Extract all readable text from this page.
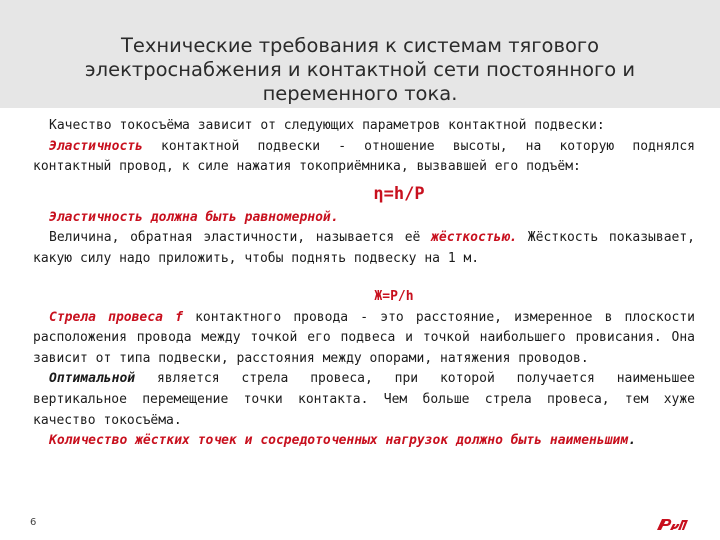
Технические требования к системам тягового электроснабжения и контактной сети постоянного и переменного тока.

Качество токосъёма зависит от следующих параметров контактной подвески:

Эластичность контактной подвески - отношение высоты, на которую поднялся контактный провод, к силе нажатия токоприёмника, вызвавшей его подъём:

η=h/P

Эластичность должна быть равномерной.

Величина, обратная эластичности, называется её жёсткостью. Жёсткость показывает, какую силу надо приложить, чтобы поднять подвеску на 1 м.

Ж=P/h

Стрела провеса f контактного провода - это расстояние, измеренное в плоскости расположения провода между точкой его подвеса и точкой наибольшего провисания. Она зависит от типа подвески, расстояния между опорами, натяжения проводов.

Оптимальной является стрела провеса, при которой получается наименьшее вертикальное перемещение точки контакта. Чем больше стрела провеса, тем хуже качество токосъёма.

Количество жёстких точек и сосредоточенных нагрузок должно быть наименьшим.

6
